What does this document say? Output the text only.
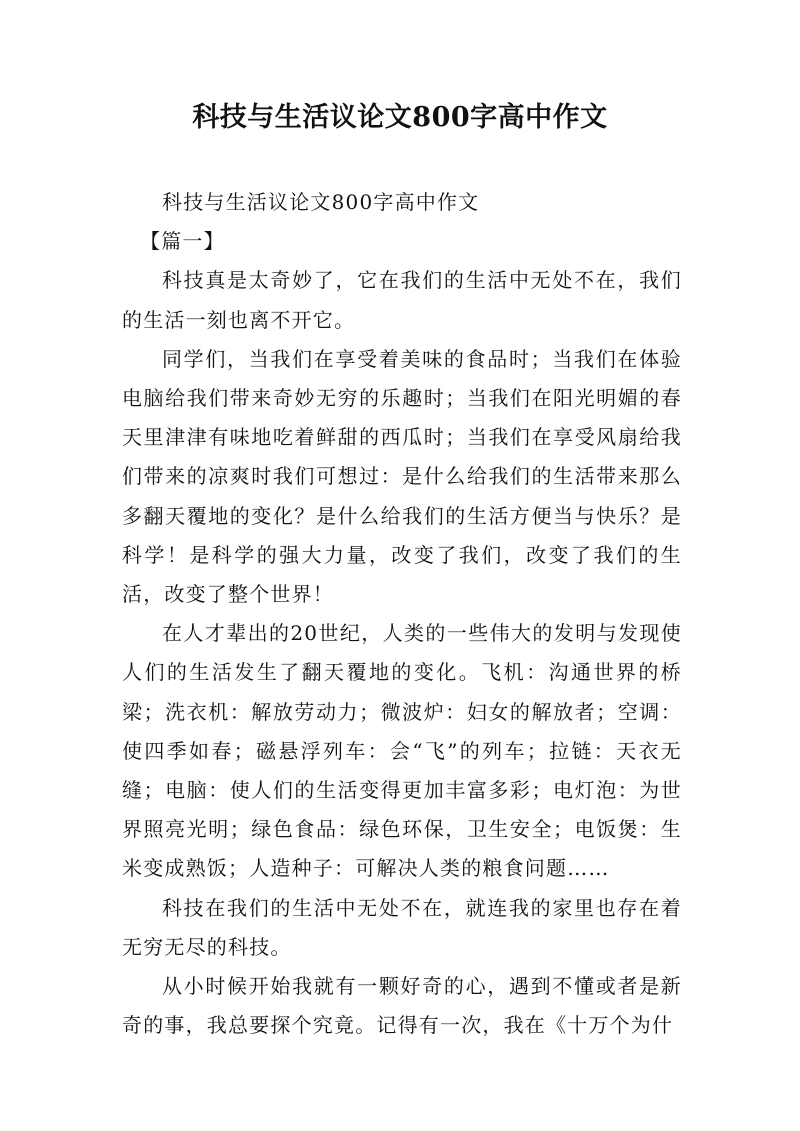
科技与生活议论文800字高中作文

科技与生活议论文800字高中作文

【篇一】

科技真是太奇妙了，它在我们的生活中无处不在，我们的生活一刻也离不开它。

同学们，当我们在享受着美味的食品时；当我们在体验电脑给我们带来奇妙无穷的乐趣时；当我们在阳光明媚的春天里津津有味地吃着鲜甜的西瓜时；当我们在享受风扇给我们带来的凉爽时我们可想过：是什么给我们的生活带来那么多翻天覆地的变化？是什么给我们的生活方便当与快乐？是科学！是科学的强大力量，改变了我们，改变了我们的生活，改变了整个世界！

在人才辈出的20世纪，人类的一些伟大的发明与发现使人们的生活发生了翻天覆地的变化。飞机：沟通世界的桥梁；洗衣机：解放劳动力；微波炉：妇女的解放者；空调：使四季如春；磁悬浮列车：会“飞”的列车；拉链：天衣无缝；电脑：使人们的生活变得更加丰富多彩；电灯泡：为世界照亮光明；绿色食品：绿色环保，卫生安全；电饭煲：生米变成熟饭；人造种子：可解决人类的粮食问题……

科技在我们的生活中无处不在，就连我的家里也存在着无穷无尽的科技。

从小时候开始我就有一颗好奇的心，遇到不懂或者是新奇的事，我总要探个究竟。记得有一次，我在《十万个为什
